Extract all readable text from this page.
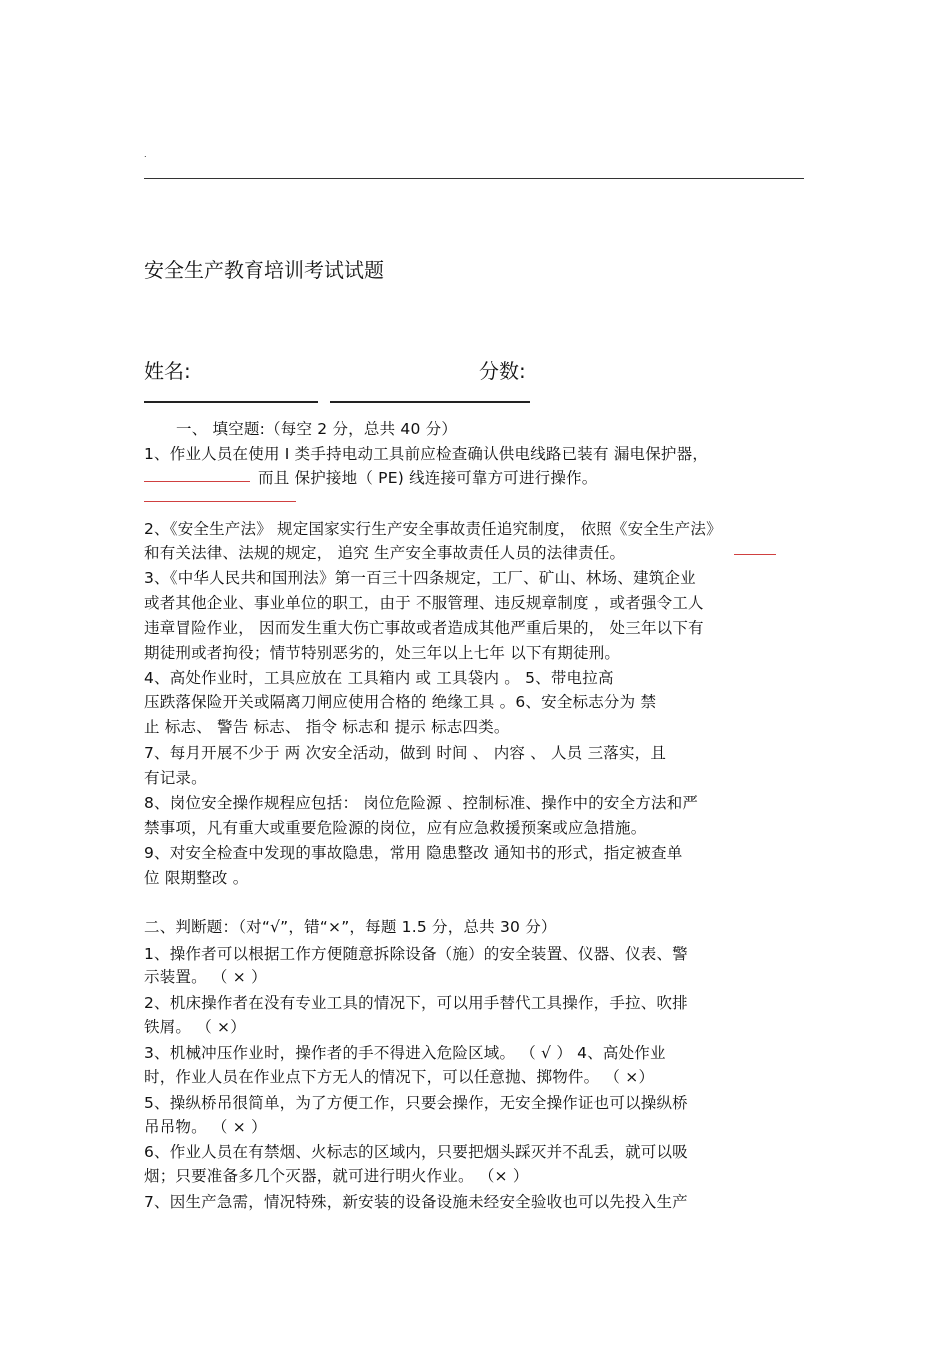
.
安全生产教育培训考试试题
姓名:	分数:
一、 填空题:（每空 2 分，总共 40 分）
1、作业人员在使用 I 类手持电动工具前应检查确认供电线路已装有 漏电保护器，
而且 保护接地（ PE) 线连接可靠方可进行操作。
2、《安全生产法》 规定国家实行生产安全事故责任追究制度， 依照《安全生产法》
和有关法律、法规的规定， 追究 生产安全事故责任人员的法律责任。
3、《中华人民共和国刑法》第一百三十四条规定，工厂、矿山、林场、建筑企业
或者其他企业、事业单位的职工，由于 不服管理、违反规章制度 ，或者强令工人
违章冒险作业， 因而发生重大伤亡事故或者造成其他严重后果的， 处三年以下有
期徒刑或者拘役；情节特别恶劣的，处三年以上七年 以下有期徒刑。
4、高处作业时，工具应放在 工具箱内 或 工具袋内 。 5、带电拉高
压跌落保险开关或隔离刀闸应使用合格的 绝缘工具 。6、安全标志分为 禁
止 标志、 警告 标志、 指令 标志和 提示 标志四类。
7、每月开展不少于 两 次安全活动，做到 时间 、 内容 、 人员 三落实，且
有记录。
8、岗位安全操作规程应包括： 岗位危险源 、控制标准、操作中的安全方法和严
禁事项，凡有重大或重要危险源的岗位，应有应急救援预案或应急措施。
9、对安全检查中发现的事故隐患，常用 隐患整改 通知书的形式，指定被查单
位 限期整改 。
二、判断题：（对“√”，错“×”，每题 1.5 分，总共 30 分）
1、操作者可以根据工作方便随意拆除设备（施）的安全装置、仪器、仪表、警
示装置。 （ × ）
2、机床操作者在没有专业工具的情况下，可以用手替代工具操作，手拉、吹排
铁屑。 （ ×）
3、机械冲压作业时，操作者的手不得进入危险区域。 （ √ ） 4、高处作业
时，作业人员在作业点下方无人的情况下，可以任意抛、掷物件。 （ ×）
5、操纵桥吊很简单，为了方便工作，只要会操作，无安全操作证也可以操纵桥
吊吊物。 （ × ）
6、作业人员在有禁烟、火标志的区域内，只要把烟头踩灭并不乱丢，就可以吸
烟；只要准备多几个灭器，就可进行明火作业。 （× ）
7、因生产急需，情况特殊，新安装的设备设施未经安全验收也可以先投入生产
